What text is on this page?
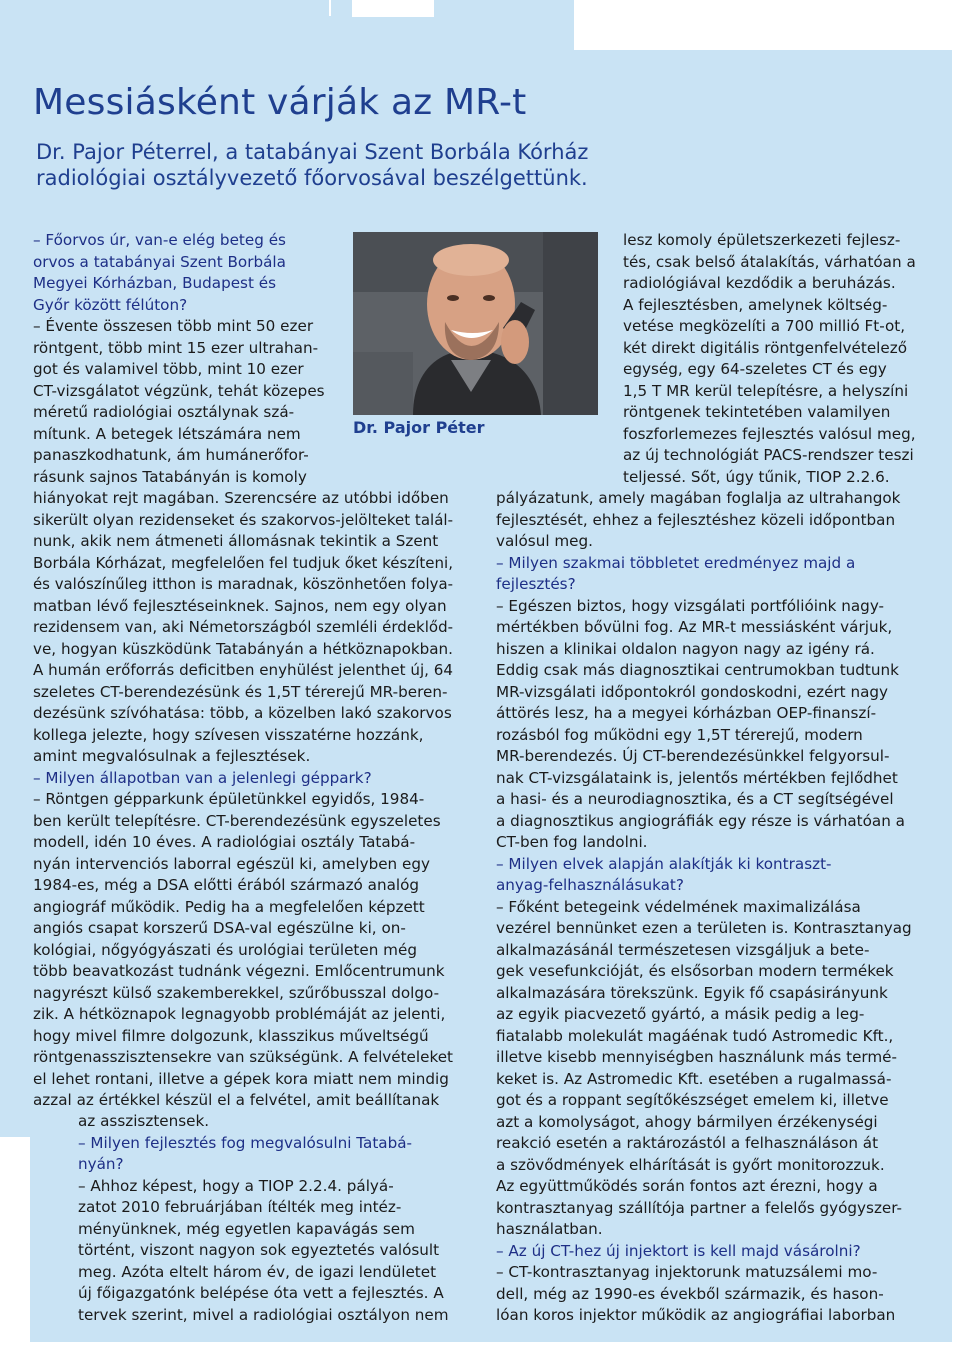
Messiásként várják az MR-t
Dr. Pajor Péterrel, a tatabányai Szent Borbála Kórház
radiológiai osztályvezető főorvosával beszélgettünk.
Dr. Pajor Péter
– Főorvos úr, van-e elég beteg és
orvos a tatabányai Szent Borbála
Megyei Kórházban, Budapest és
Győr között félúton?
– Évente összesen több mint 50 ezer
röntgent, több mint 15 ezer ultrahan-
got és valamivel több, mint 10 ezer
CT-vizsgálatot végzünk, tehát közepes
méretű radiológiai osztálynak szá-
mítunk. A betegek létszámára nem
panaszkodhatunk, ám humánerőfor-
rásunk sajnos Tatabányán is komoly
hiányokat rejt magában. Szerencsére az utóbbi időben
sikerült olyan rezidenseket és szakorvos-jelölteket talál-
nunk, akik nem átmeneti állomásnak tekintik a Szent
Borbála Kórházat, megfelelően fel tudjuk őket készíteni,
és valószínűleg itthon is maradnak, köszönhetően folya-
matban lévő fejlesztéseinknek. Sajnos, nem egy olyan
rezidensem van, aki Németországból szemléli érdeklőd-
ve, hogyan küszködünk Tatabányán a hétköznapokban.
A humán erőforrás deficitben enyhülést jelenthet új, 64
szeletes CT-berendezésünk és 1,5T térerejű MR-beren-
dezésünk szívóhatása: több, a közelben lakó szakorvos
kollega jelezte, hogy szívesen visszatérne hozzánk,
amint megvalósulnak a fejlesztések.
– Milyen állapotban van a jelenlegi géppark?
– Röntgen gépparkunk épületünkkel egyidős, 1984-
ben került telepítésre. CT-berendezésünk egyszeletes
modell, idén 10 éves. A radiológiai osztály Tatabá-
nyán intervenciós laborral egészül ki, amelyben egy
1984-es, még a DSA előtti érából származó analóg
angiográf működik. Pedig ha a megfelelően képzett
angiós csapat korszerű DSA-val egészülne ki, on-
kológiai, nőgyógyászati és urológiai területen még
több beavatkozást tudnánk végezni. Emlőcentrumunk
nagyrészt külső szakemberekkel, szűrőbusszal dolgo-
zik. A hétköznapok legnagyobb problémáját az jelenti,
hogy mivel filmre dolgozunk, klasszikus műveltségű
röntgenasszisztensekre van szükségünk. A felvételeket
el lehet rontani, illetve a gépek kora miatt nem mindig
azzal az értékkel készül el a felvétel, amit beállítanak
az asszisztensek.
– Milyen fejlesztés fog megvalósulni Tatabá-
nyán?
– Ahhoz képest, hogy a TIOP 2.2.4. pályá-
zatot 2010 februárjában ítélték meg intéz-
ményünknek, még egyetlen kapavágás sem
történt, viszont nagyon sok egyeztetés valósult
meg. Azóta eltelt három év, de igazi lendületet
új főigazgatónk belépése óta vett a fejlesztés. A
tervek szerint, mivel a radiológiai osztályon nem
lesz komoly épületszerkezeti fejlesz-
tés, csak belső átalakítás, várhatóan a
radiológiával kezdődik a beruházás.
A fejlesztésben, amelynek költség-
vetése megközelíti a 700 millió Ft-ot,
két direkt digitális röntgenfelvételező
egység, egy 64-szeletes CT és egy
1,5 T MR kerül telepítésre, a helyszíni
röntgenek tekintetében valamilyen
foszforlemezes fejlesztés valósul meg,
az új technológiát PACS-rendszer teszi
teljessé. Sőt, úgy tűnik, TIOP 2.2.6.
pályázatunk, amely magában foglalja az ultrahangok
fejlesztését, ehhez a fejlesztéshez közeli időpontban
valósul meg.
– Milyen szakmai többletet eredményez majd a
fejlesztés?
– Egészen biztos, hogy vizsgálati portfólióink nagy-
mértékben bővülni fog. Az MR-t messiásként várjuk,
hiszen a klinikai oldalon nagyon nagy az igény rá.
Eddig csak más diagnosztikai centrumokban tudtunk
MR-vizsgálati időpontokról gondoskodni, ezért nagy
áttörés lesz, ha a megyei kórházban OEP-finanszí-
rozásból fog működni egy 1,5T térerejű, modern
MR-berendezés. Új CT-berendezésünkkel felgyorsul-
nak CT-vizsgálataink is, jelentős mértékben fejlődhet
a hasi- és a neurodiagnosztika, és a CT segítségével
a diagnosztikus angiográfiák egy része is várhatóan a
CT-ben fog landolni.
– Milyen elvek alapján alakítják ki kontraszt-
anyag-felhasználásukat?
– Főként betegeink védelmének maximalizálása
vezérel bennünket ezen a területen is. Kontrasztanyag
alkalmazásánál természetesen vizsgáljuk a bete-
gek vesefunkcióját, és elsősorban modern termékek
alkalmazására törekszünk. Egyik fő csapásirányunk
az egyik piacvezető gyártó, a másik pedig a leg-
fiatalabb molekulát magáénak tudó Astromedic Kft.,
illetve kisebb mennyiségben használunk más termé-
keket is. Az Astromedic Kft. esetében a rugalmassá-
got és a roppant segítőkészséget emelem ki, illetve
azt a komolyságot, ahogy bármilyen érzékenységi
reakció esetén a raktározástól a felhasználáson át
a szövődmények elhárítását is győrt monitorozzuk.
Az együttműködés során fontos azt érezni, hogy a
kontrasztanyag szállítója partner a felelős gyógyszer-
használatban.
– Az új CT-hez új injektort is kell majd vásárolni?
– CT-kontrasztanyag injektorunk matuzsálemi mo-
dell, még az 1990-es évekből származik, és hason-
lóan koros injektor működik az angiográfiai laborban
